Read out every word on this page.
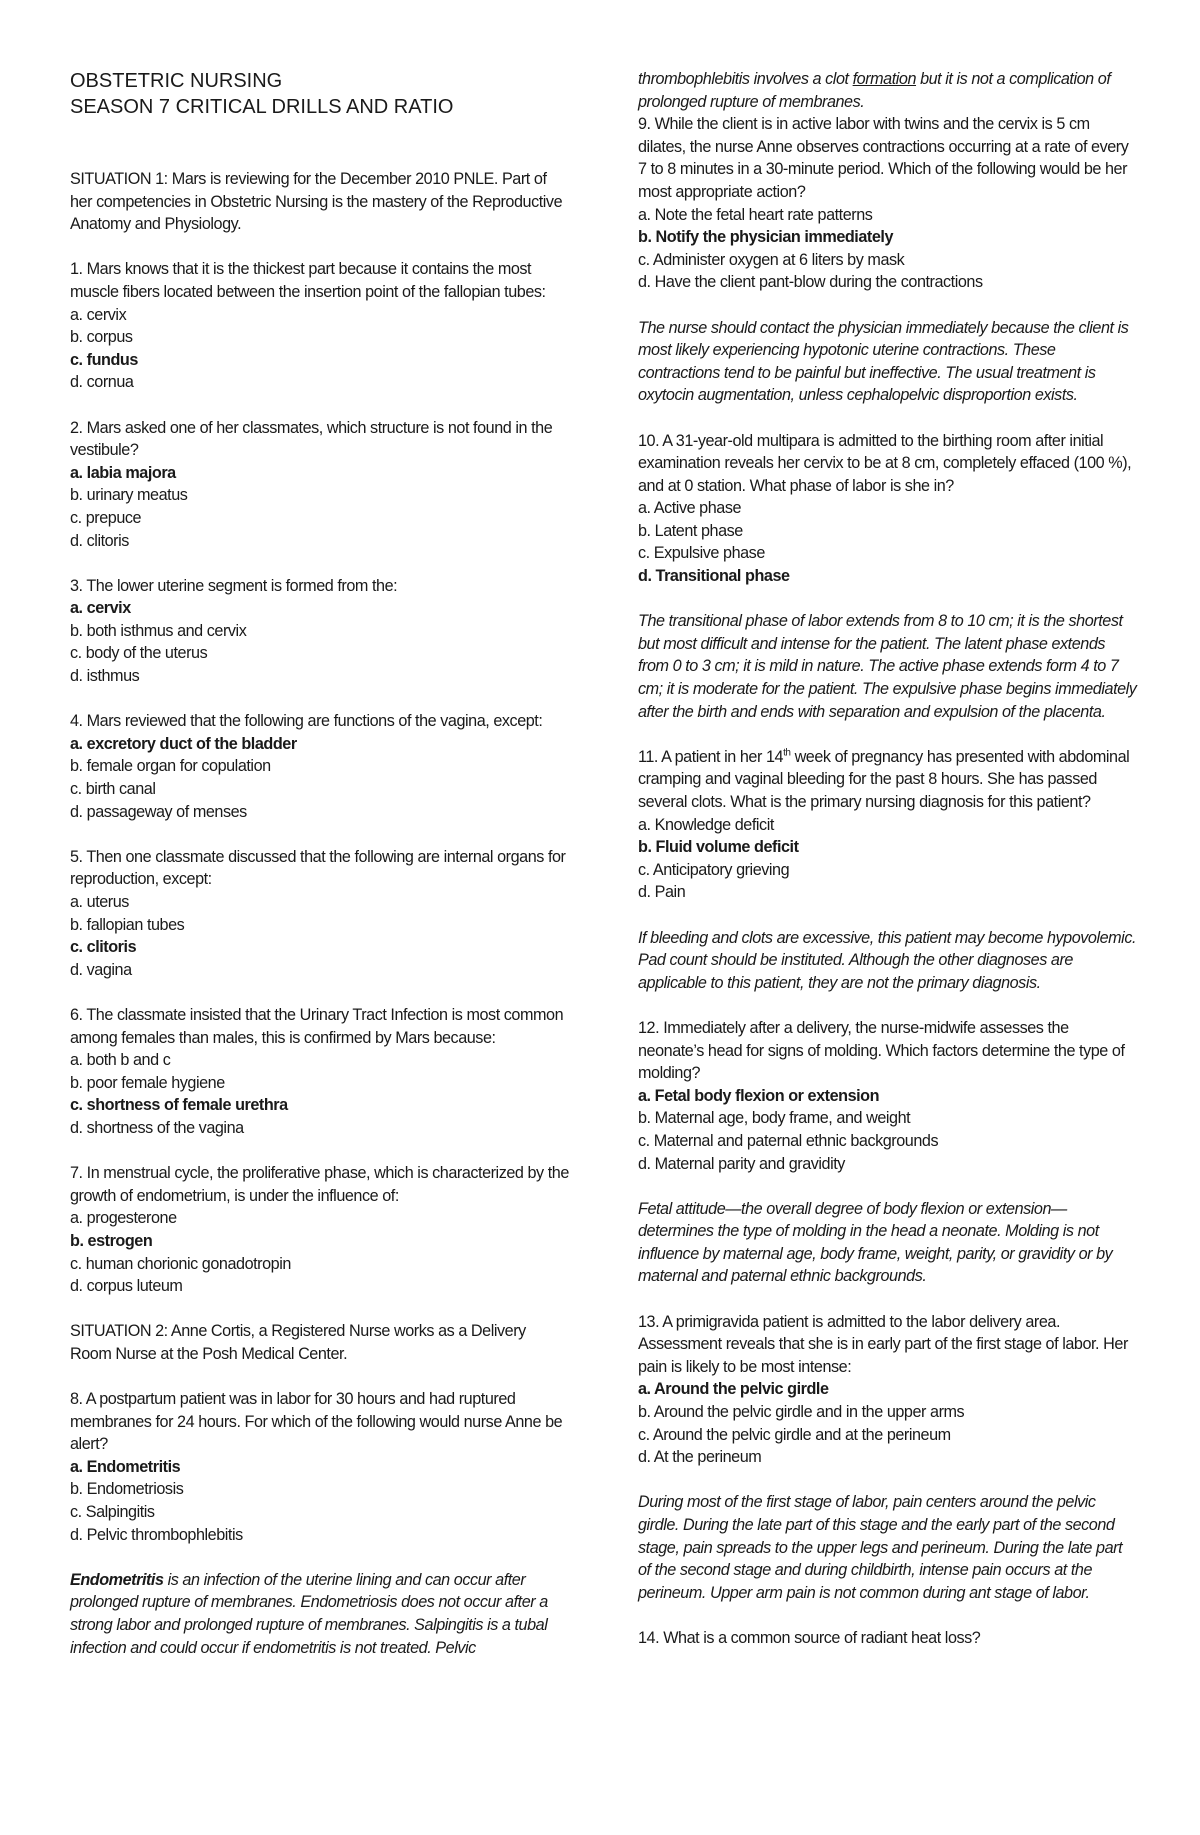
OBSTETRIC NURSING
SEASON 7 CRITICAL DRILLS AND RATIO

SITUATION 1: Mars is reviewing for the December 2010 PNLE. Part of her competencies in Obstetric Nursing is the mastery of the Reproductive Anatomy and Physiology.

1. Mars knows that it is the thickest part because it contains the most muscle fibers located between the insertion point of the fallopian tubes:

a. cervix

b. corpus

c. fundus

d. cornua

2. Mars asked one of her classmates, which structure is not found in the vestibule?

a. labia majora

b. urinary meatus

c. prepuce

d. clitoris

3. The lower uterine segment is formed from the:

a. cervix

b. both isthmus and cervix

c. body of the uterus

d. isthmus

4. Mars reviewed that the following are functions of the vagina, except:

a. excretory duct of the bladder

b. female organ for copulation

c. birth canal

d. passageway of menses

5. Then one classmate discussed that the following are internal organs for reproduction, except:

a. uterus

b. fallopian tubes

c. clitoris

d. vagina

6. The classmate insisted that the Urinary Tract Infection is most common among females than males, this is confirmed by Mars because:

a. both b and c

b. poor female hygiene

c. shortness of female urethra

d. shortness of the vagina

7. In menstrual cycle, the proliferative phase, which is characterized by the growth of endometrium, is under the influence of:

a. progesterone

b. estrogen

c. human chorionic gonadotropin

d. corpus luteum

SITUATION 2: Anne Cortis, a Registered Nurse works as a Delivery Room Nurse at the Posh Medical Center.

8. A postpartum patient was in labor for 30 hours and had ruptured membranes for 24 hours. For which of the following would nurse Anne be alert?

a. Endometritis

b. Endometriosis

c. Salpingitis

d. Pelvic thrombophlebitis

Endometritis is an infection of the uterine lining and can occur after prolonged rupture of membranes. Endometriosis does not occur after a strong labor and prolonged rupture of membranes. Salpingitis is a tubal infection and could occur if endometritis is not treated. Pelvic

thrombophlebitis involves a clot formation but it is not a complication of prolonged rupture of membranes.

9. While the client is in active labor with twins and the cervix is 5 cm dilates, the nurse Anne observes contractions occurring at a rate of every 7 to 8 minutes in a 30-minute period. Which of the following would be her most appropriate action?

a. Note the fetal heart rate patterns

b. Notify the physician immediately

c. Administer oxygen at 6 liters by mask

d. Have the client pant-blow during the contractions

The nurse should contact the physician immediately because the client is most likely experiencing hypotonic uterine contractions. These contractions tend to be painful but ineffective. The usual treatment is oxytocin augmentation, unless cephalopelvic disproportion exists.

10. A 31-year-old multipara is admitted to the birthing room after initial examination reveals her cervix to be at 8 cm, completely effaced (100 %), and at 0 station. What phase of labor is she in?

a. Active phase

b. Latent phase

c. Expulsive phase

d. Transitional phase

The transitional phase of labor extends from 8 to 10 cm; it is the shortest but most difficult and intense for the patient. The latent phase extends from 0 to 3 cm; it is mild in nature. The active phase extends form 4 to 7 cm; it is moderate for the patient. The expulsive phase begins immediately after the birth and ends with separation and expulsion of the placenta.

11. A patient in her 14th week of pregnancy has presented with abdominal cramping and vaginal bleeding for the past 8 hours. She has passed several clots. What is the primary nursing diagnosis for this patient?

a. Knowledge deficit

b. Fluid volume deficit

c. Anticipatory grieving

d. Pain

If bleeding and clots are excessive, this patient may become hypovolemic. Pad count should be instituted. Although the other diagnoses are applicable to this patient, they are not the primary diagnosis.

12. Immediately after a delivery, the nurse-midwife assesses the neonate’s head for signs of molding. Which factors determine the type of molding?

a. Fetal body flexion or extension

b. Maternal age, body frame, and weight

c. Maternal and paternal ethnic backgrounds

d. Maternal parity and gravidity

Fetal attitude—the overall degree of body flexion or extension—determines the type of molding in the head a neonate. Molding is not influence by maternal age, body frame, weight, parity, or gravidity or by maternal and paternal ethnic backgrounds.

13. A primigravida patient is admitted to the labor delivery area. Assessment reveals that she is in early part of the first stage of labor. Her pain is likely to be most intense:

a. Around the pelvic girdle

b. Around the pelvic girdle and in the upper arms

c. Around the pelvic girdle and at the perineum

d. At the perineum

During most of the first stage of labor, pain centers around the pelvic girdle. During the late part of this stage and the early part of the second stage, pain spreads to the upper legs and perineum. During the late part of the second stage and during childbirth, intense pain occurs at the perineum. Upper arm pain is not common during ant stage of labor.

14. What is a common source of radiant heat loss?
